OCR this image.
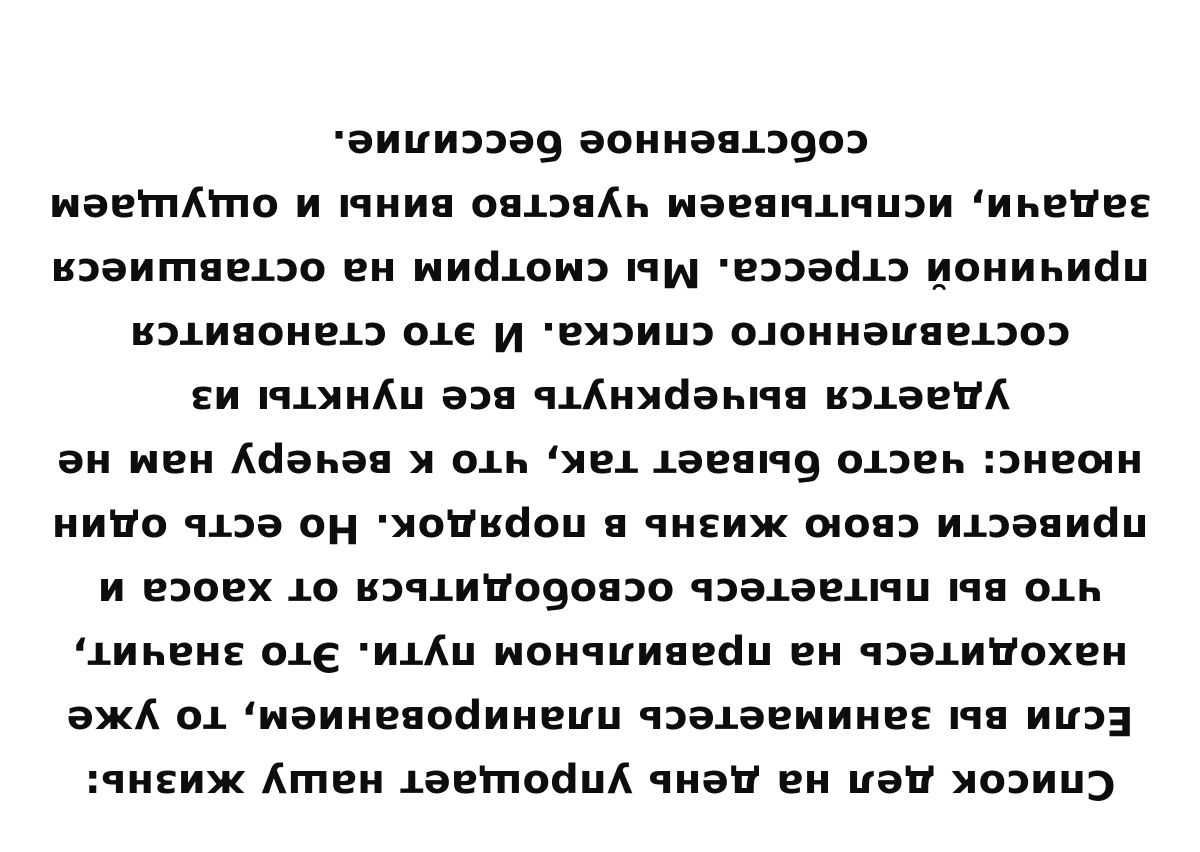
Список дел на день упрощает нашу жизнь: Если вы занимаетесь планированием, то уже находитесь на правильном пути. Это значит, что вы пытаетесь освободиться от хаоса и привести свою жизнь в порядок. Но есть один нюанс: часто бывает так, что к вечеру нам не удается вычеркнуть все пункты из составленного списка. И это становится причиной стресса. Мы смотрим на оставшиеся задачи, испытываем чувство вины и ощущаем собственное бессилие.
